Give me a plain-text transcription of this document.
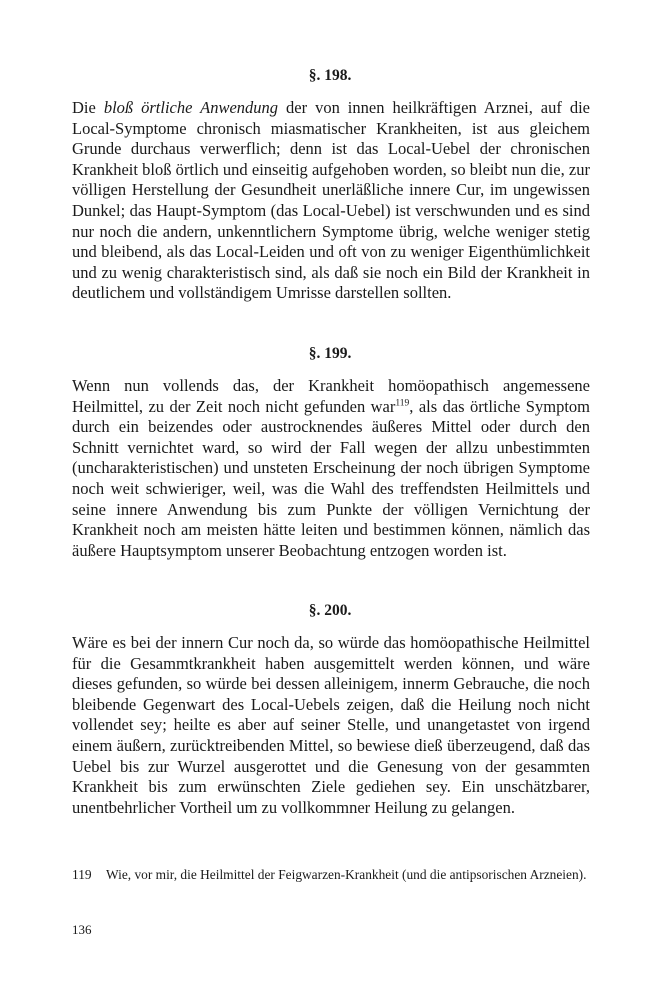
§. 198.

Die bloß örtliche Anwendung der von innen heilkräftigen Arznei, auf die Local-Symptome chronisch miasmatischer Krankheiten, ist aus gleichem Grunde durchaus verwerflich; denn ist das Local-Uebel der chronischen Krankheit bloß örtlich und einseitig aufgehoben worden, so bleibt nun die, zur völligen Herstellung der Gesundheit unerläßliche innere Cur, im ungewissen Dunkel; das Haupt-Symptom (das Local-Uebel) ist verschwunden und es sind nur noch die andern, unkenntlichern Symptome übrig, welche weniger stetig und bleibend, als das Local-Leiden und oft von zu weniger Eigenthümlichkeit und zu wenig charakteristisch sind, als daß sie noch ein Bild der Krankheit in deutlichem und vollständigem Umrisse darstellen sollten.

§. 199.

Wenn nun vollends das, der Krankheit homöopathisch angemessene Heilmittel, zu der Zeit noch nicht gefunden war$^{119}$, als das örtliche Symptom durch ein beizendes oder austrocknendes äußeres Mittel oder durch den Schnitt vernichtet ward, so wird der Fall wegen der allzu unbestimmten (uncharakteristischen) und unsteten Erscheinung der noch übrigen Symptome noch weit schwieriger, weil, was die Wahl des treffendsten Heilmittels und seine innere Anwendung bis zum Punkte der völligen Vernichtung der Krankheit noch am meisten hätte leiten und bestimmen können, nämlich das äußere Hauptsymptom unserer Beobachtung entzogen worden ist.

§. 200.

Wäre es bei der innern Cur noch da, so würde das homöopathische Heilmittel für die Gesammtkrankheit haben ausgemittelt werden können, und wäre dieses gefunden, so würde bei dessen alleinigem, innerm Gebrauche, die noch bleibende Gegenwart des Local-Uebels zeigen, daß die Heilung noch nicht vollendet sey; heilte es aber auf seiner Stelle, und unangetastet von irgend einem äußern, zurücktreibenden Mittel, so bewiese dieß überzeugend, daß das Uebel bis zur Wurzel ausgerottet und die Genesung von der gesammten Krankheit bis zum erwünschten Ziele gediehen sey. Ein unschätzbarer, unentbehrlicher Vortheil um zu vollkommner Heilung zu gelangen.

119 Wie, vor mir, die Heilmittel der Feigwarzen-Krankheit (und die antipsorischen Arzneien).
136
